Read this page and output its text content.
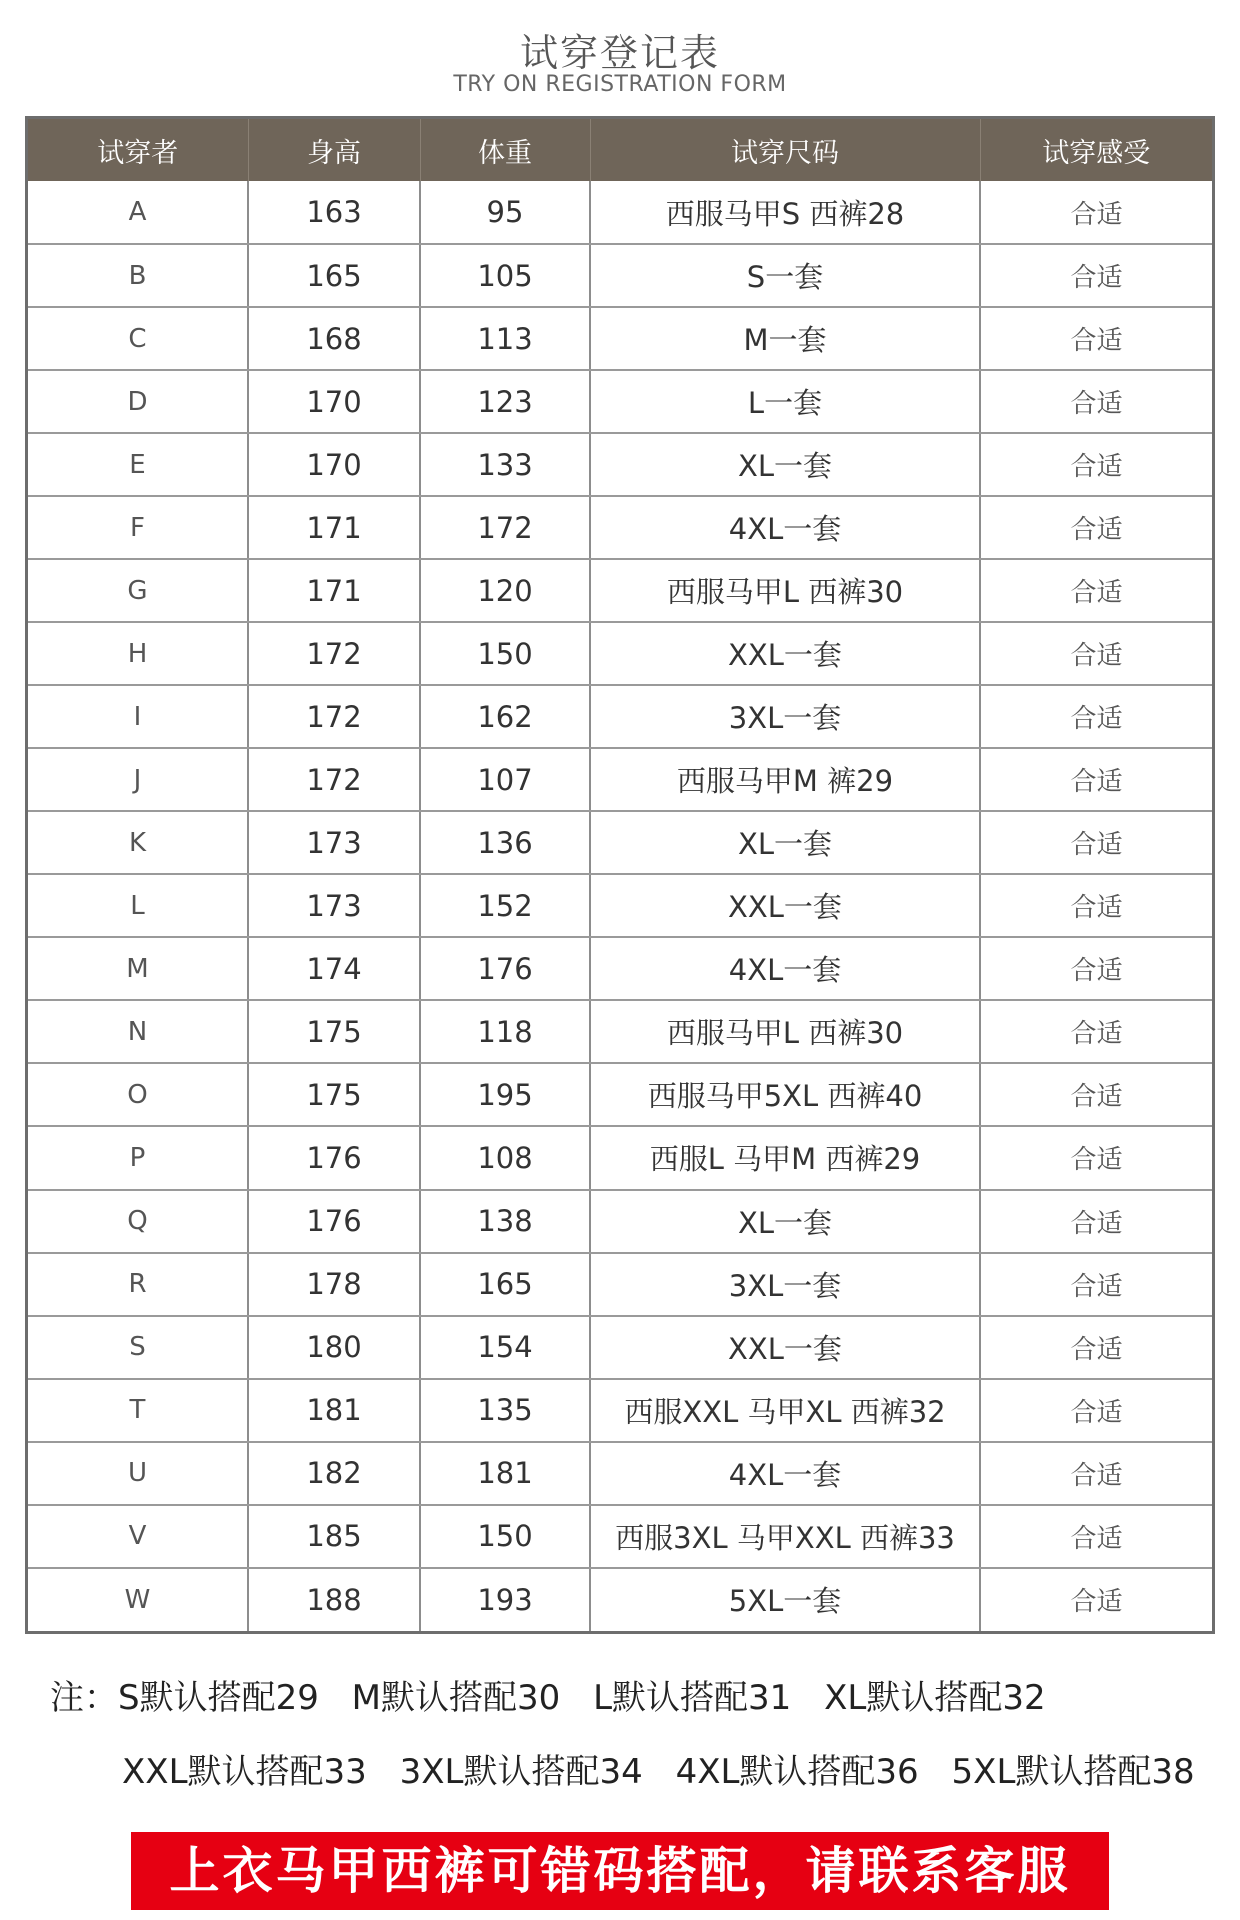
试穿登记表
TRY ON REGISTRATION FORM
试穿者	身高	体重	试穿尺码	试穿感受
A	163	95	西服马甲S 西裤28	合适
B	165	105	S一套	合适
C	168	113	M一套	合适
D	170	123	L一套	合适
E	170	133	XL一套	合适
F	171	172	4XL一套	合适
G	171	120	西服马甲L 西裤30	合适
H	172	150	XXL一套	合适
I	172	162	3XL一套	合适
J	172	107	西服马甲M 裤29	合适
K	173	136	XL一套	合适
L	173	152	XXL一套	合适
M	174	176	4XL一套	合适
N	175	118	西服马甲L 西裤30	合适
O	175	195	西服马甲5XL 西裤40	合适
P	176	108	西服L 马甲M 西裤29	合适
Q	176	138	XL一套	合适
R	178	165	3XL一套	合适
S	180	154	XXL一套	合适
T	181	135	西服XXL 马甲XL 西裤32	合适
U	182	181	4XL一套	合适
V	185	150	西服3XL 马甲XXL 西裤33	合适
W	188	193	5XL一套	合适
注：S默认搭配29 M默认搭配30 L默认搭配31 XL默认搭配32
XXL默认搭配33 3XL默认搭配34 4XL默认搭配36 5XL默认搭配38
上衣马甲西裤可错码搭配，请联系客服
